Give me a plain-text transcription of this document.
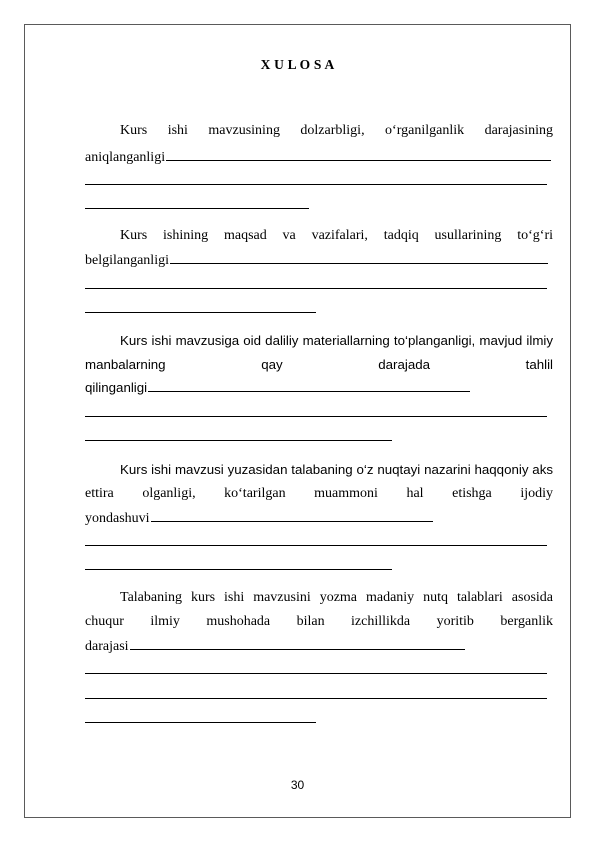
X U L O S A
Kurs ishi mavzusining dolzarbligi, o‘rganilganlik darajasining
aniqlanganligi
Kurs ishining maqsad va vazifalari, tadqiq usullarining to‘g‘ri
belgilanganligi
Kurs ishi mavzusiga oid daliliy materiallarning to‘planganligi, mavjud ilmiy
manbalarning qay darajada tahlil
qilinganligi
Kurs ishi mavzusi yuzasidan talabaning o‘z nuqtayi nazarini haqqoniy aks
ettira olganligi, ko‘tarilgan muammoni hal etishga ijodiy
yondashuvi
Talabaning kurs ishi mavzusini yozma madaniy nutq talablari asosida
chuqur ilmiy mushohada bilan izchillikda yoritib berganlik
darajasi
30
